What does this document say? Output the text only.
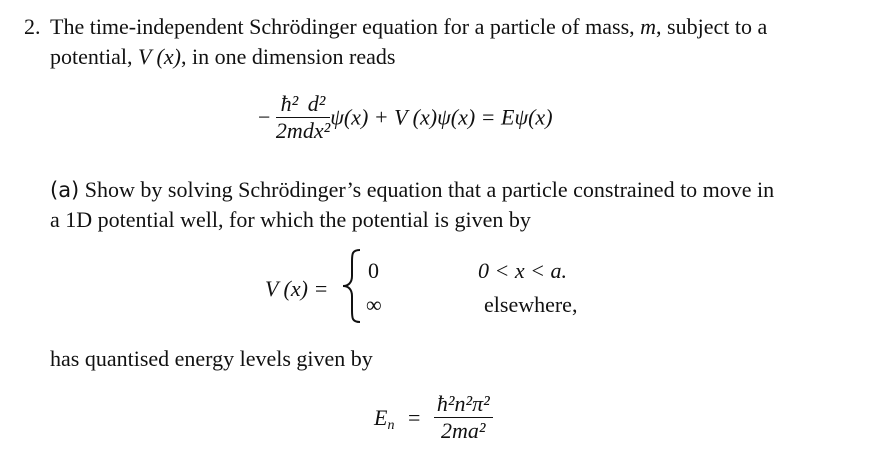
2. The time-independent Schrödinger equation for a particle of mass, m, subject to a
potential, V (x), in one dimension reads
− $\frac{\text{ħ²}}{2m} \frac{\text{d²}}{\text{dx²}} \psi(x) + V$ (x)ψ(x) = Eψ(x)
(a) Show by solving Schrödinger’s equation that a particle constrained to move in
a 1D potential well, for which the potential is given by
V (x) =
0	0 < x < a.
∞	elsewhere,
has quantised energy levels given by
$E_n = \frac{\text{ħ²n²π²}}{\text{2ma²}}$
